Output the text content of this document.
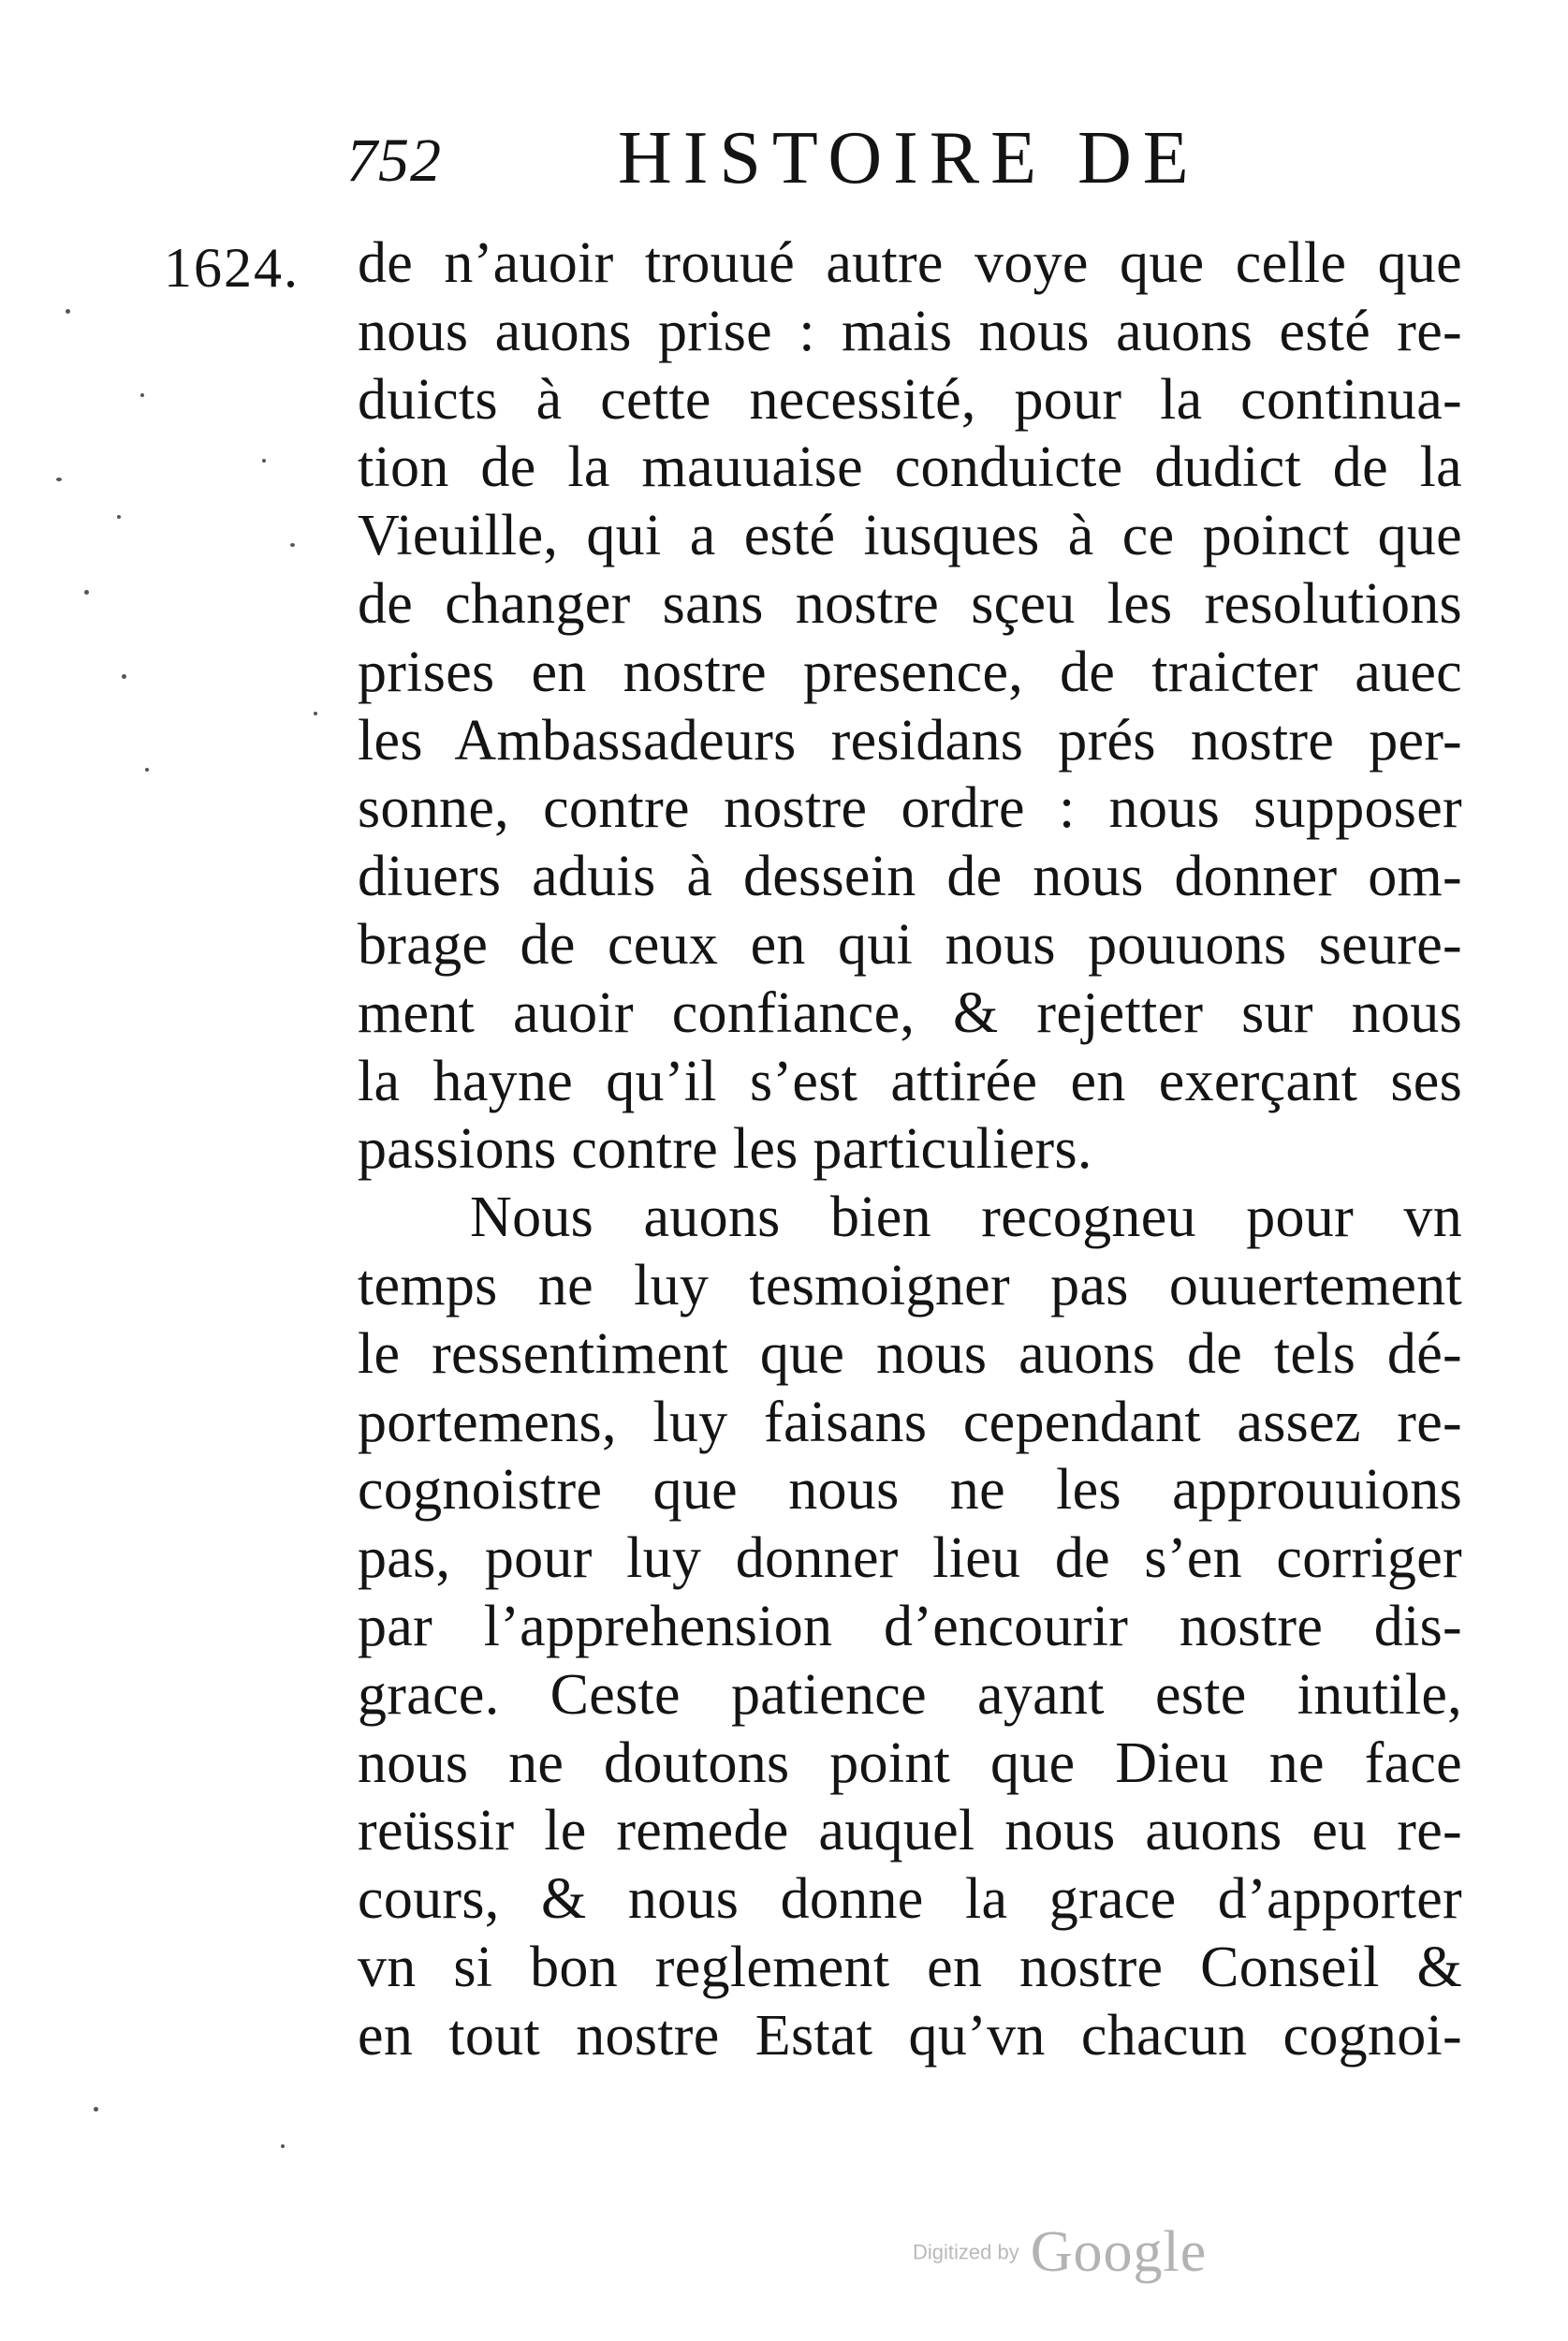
752 HISTOIRE DE
1624. de n’auoir trouué autre voye que celle que
nous auons prise : mais nous auons esté re-
duicts à cette necessité, pour la continua-
tion de la mauuaise conduicte dudict de la
Vieuille, qui a esté iusques à ce poinct que
de changer sans nostre sçeu les resolutions
prises en nostre presence, de traicter auec
les Ambassadeurs residans prés nostre per-
sonne, contre nostre ordre : nous supposer
diuers aduis à dessein de nous donner om-
brage de ceux en qui nous pouuons seure-
ment auoir confiance, & rejetter sur nous
la hayne qu’il s’est attirée en exerçant ses
passions contre les particuliers.
Nous auons bien recogneu pour vn
temps ne luy tesmoigner pas ouuertement
le ressentiment que nous auons de tels dé-
portemens, luy faisans cependant assez re-
cognoistre que nous ne les approuuions
pas, pour luy donner lieu de s’en corriger
par l’apprehension d’encourir nostre dis-
grace. Ceste patience ayant este inutile,
nous ne doutons point que Dieu ne face
reüssir le remede auquel nous auons eu re-
cours, & nous donne la grace d’apporter
vn si bon reglement en nostre Conseil &
en tout nostre Estat qu’vn chacun cognoi-
Digitized by Google
